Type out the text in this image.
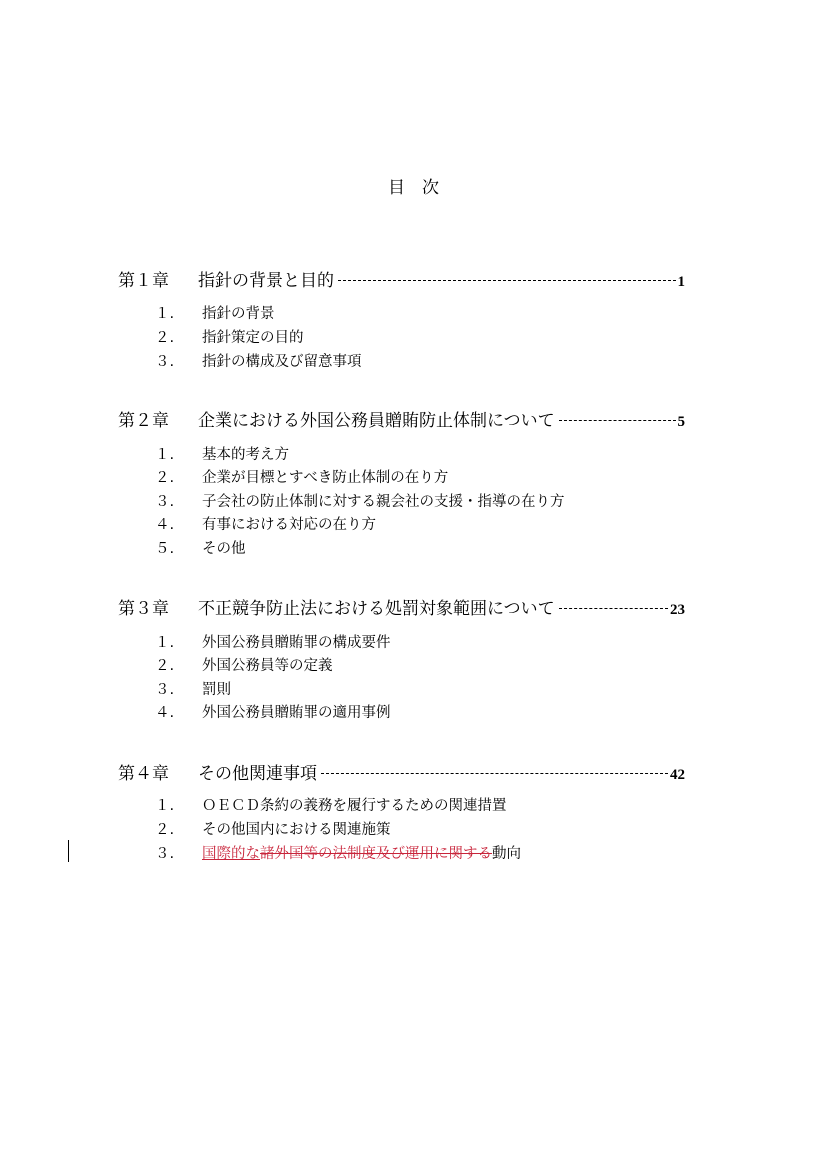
目　次
第１章	指針の背景と目的	1
１.	指針の背景
２.	指針策定の目的
３.	指針の構成及び留意事項
第２章	企業における外国公務員贈賄防止体制について	5
１.	基本的考え方
２.	企業が目標とすべき防止体制の在り方
３.	子会社の防止体制に対する親会社の支援・指導の在り方
４.	有事における対応の在り方
５.	その他
第３章	不正競争防止法における処罰対象範囲について	23
１.	外国公務員贈賄罪の構成要件
２.	外国公務員等の定義
３.	罰則
４.	外国公務員贈賄罪の適用事例
第４章	その他関連事項	42
１.	ＯＥＣＤ条約の義務を履行するための関連措置
２.	その他国内における関連施策
３.	国際的な 諸外国等の法制度及び運用に関する 動向
